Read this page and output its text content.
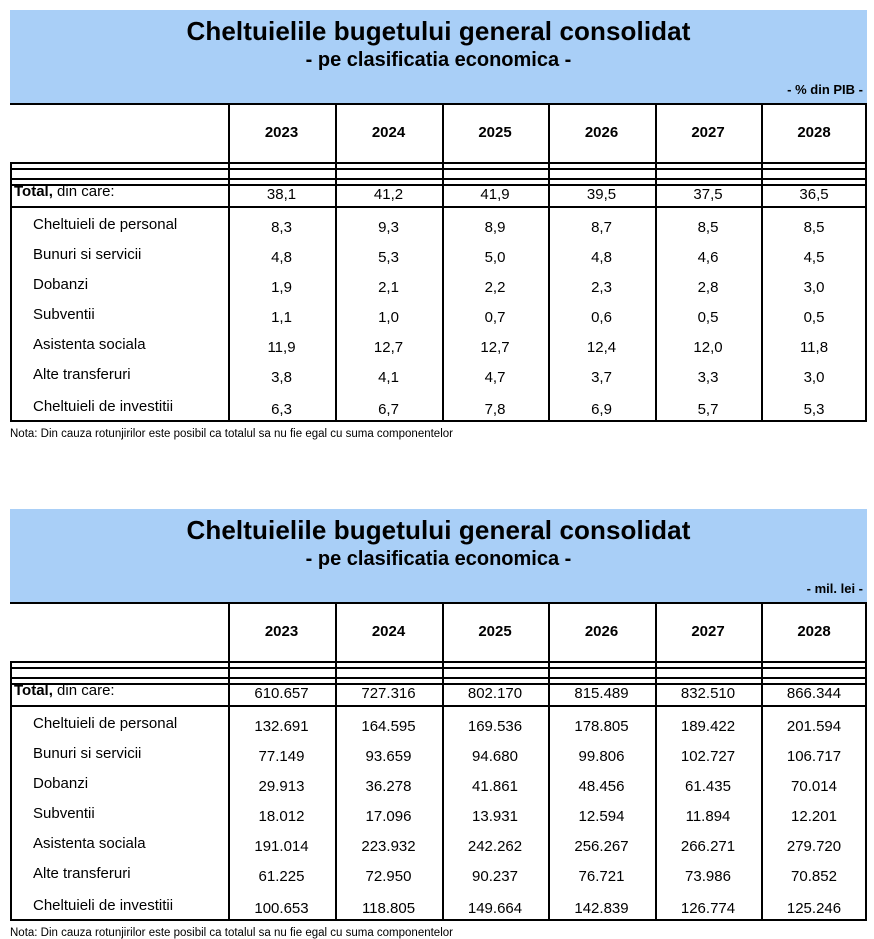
Cheltuielile bugetului general consolidat
- pe clasificatia economica -
- % din PIB -
2023	2024	2025	2026	2027	2028
Total, din care:	38,1	41,2	41,9	39,5	37,5	36,5
Cheltuieli de personal	8,3	9,3	8,9	8,7	8,5	8,5
Bunuri si servicii	4,8	5,3	5,0	4,8	4,6	4,5
Dobanzi	1,9	2,1	2,2	2,3	2,8	3,0
Subventii	1,1	1,0	0,7	0,6	0,5	0,5
Asistenta sociala	11,9	12,7	12,7	12,4	12,0	11,8
Alte transferuri	3,8	4,1	4,7	3,7	3,3	3,0
Cheltuieli de investitii	6,3	6,7	7,8	6,9	5,7	5,3
Nota: Din cauza rotunjirilor este posibil ca totalul sa nu fie egal cu suma componentelor
Cheltuielile bugetului general consolidat
- pe clasificatia economica -
- mil. lei -
2023	2024	2025	2026	2027	2028
Total, din care:	610.657	727.316	802.170	815.489	832.510	866.344
Cheltuieli de personal	132.691	164.595	169.536	178.805	189.422	201.594
Bunuri si servicii	77.149	93.659	94.680	99.806	102.727	106.717
Dobanzi	29.913	36.278	41.861	48.456	61.435	70.014
Subventii	18.012	17.096	13.931	12.594	11.894	12.201
Asistenta sociala	191.014	223.932	242.262	256.267	266.271	279.720
Alte transferuri	61.225	72.950	90.237	76.721	73.986	70.852
Cheltuieli de investitii	100.653	118.805	149.664	142.839	126.774	125.246
Nota: Din cauza rotunjirilor este posibil ca totalul sa nu fie egal cu suma componentelor
